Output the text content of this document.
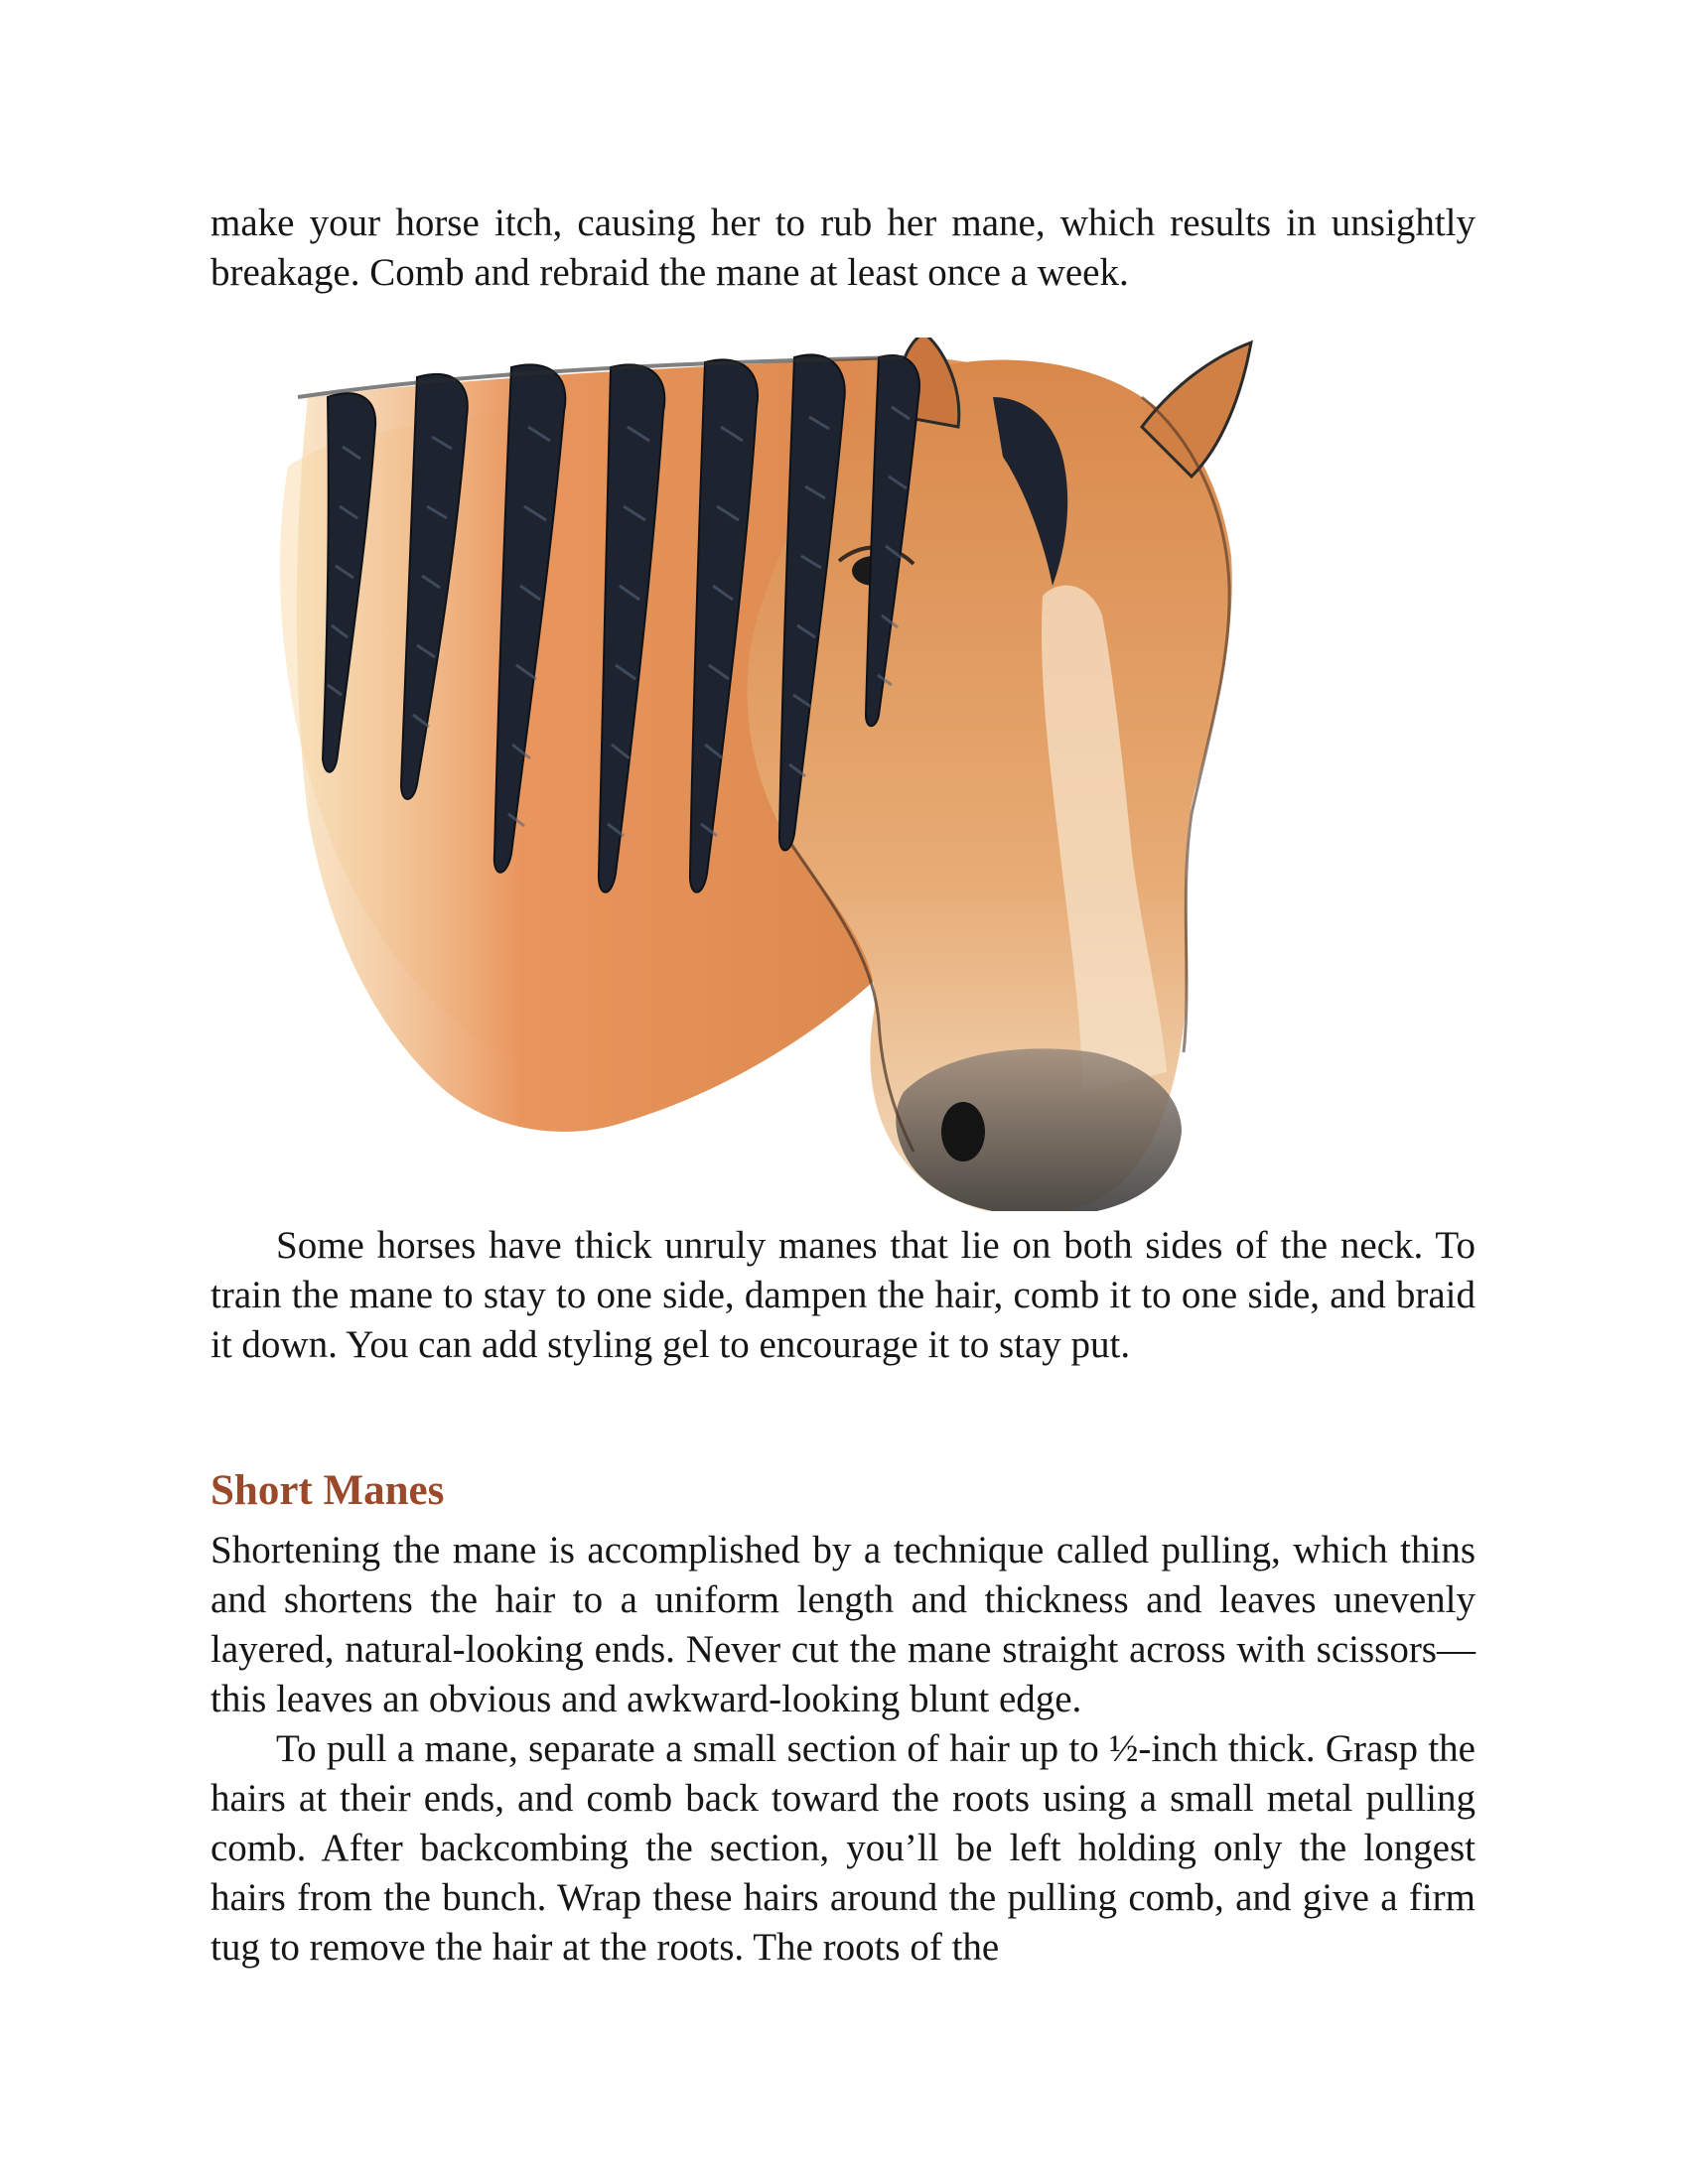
make your horse itch, causing her to rub her mane, which results in unsightly breakage. Comb and rebraid the mane at least once a week.

Some horses have thick unruly manes that lie on both sides of the neck. To train the mane to stay to one side, dampen the hair, comb it to one side, and braid it down. You can add styling gel to encourage it to stay put.

Short Manes

Shortening the mane is accomplished by a technique called pulling, which thins and shortens the hair to a uniform length and thickness and leaves unevenly layered, natural-looking ends. Never cut the mane straight across with scissors—this leaves an obvious and awkward-looking blunt edge.

To pull a mane, separate a small section of hair up to ½-inch thick. Grasp the hairs at their ends, and comb back toward the roots using a small metal pulling comb. After backcombing the section, you’ll be left holding only the longest hairs from the bunch. Wrap these hairs around the pulling comb, and give a firm tug to remove the hair at the roots. The roots of the
